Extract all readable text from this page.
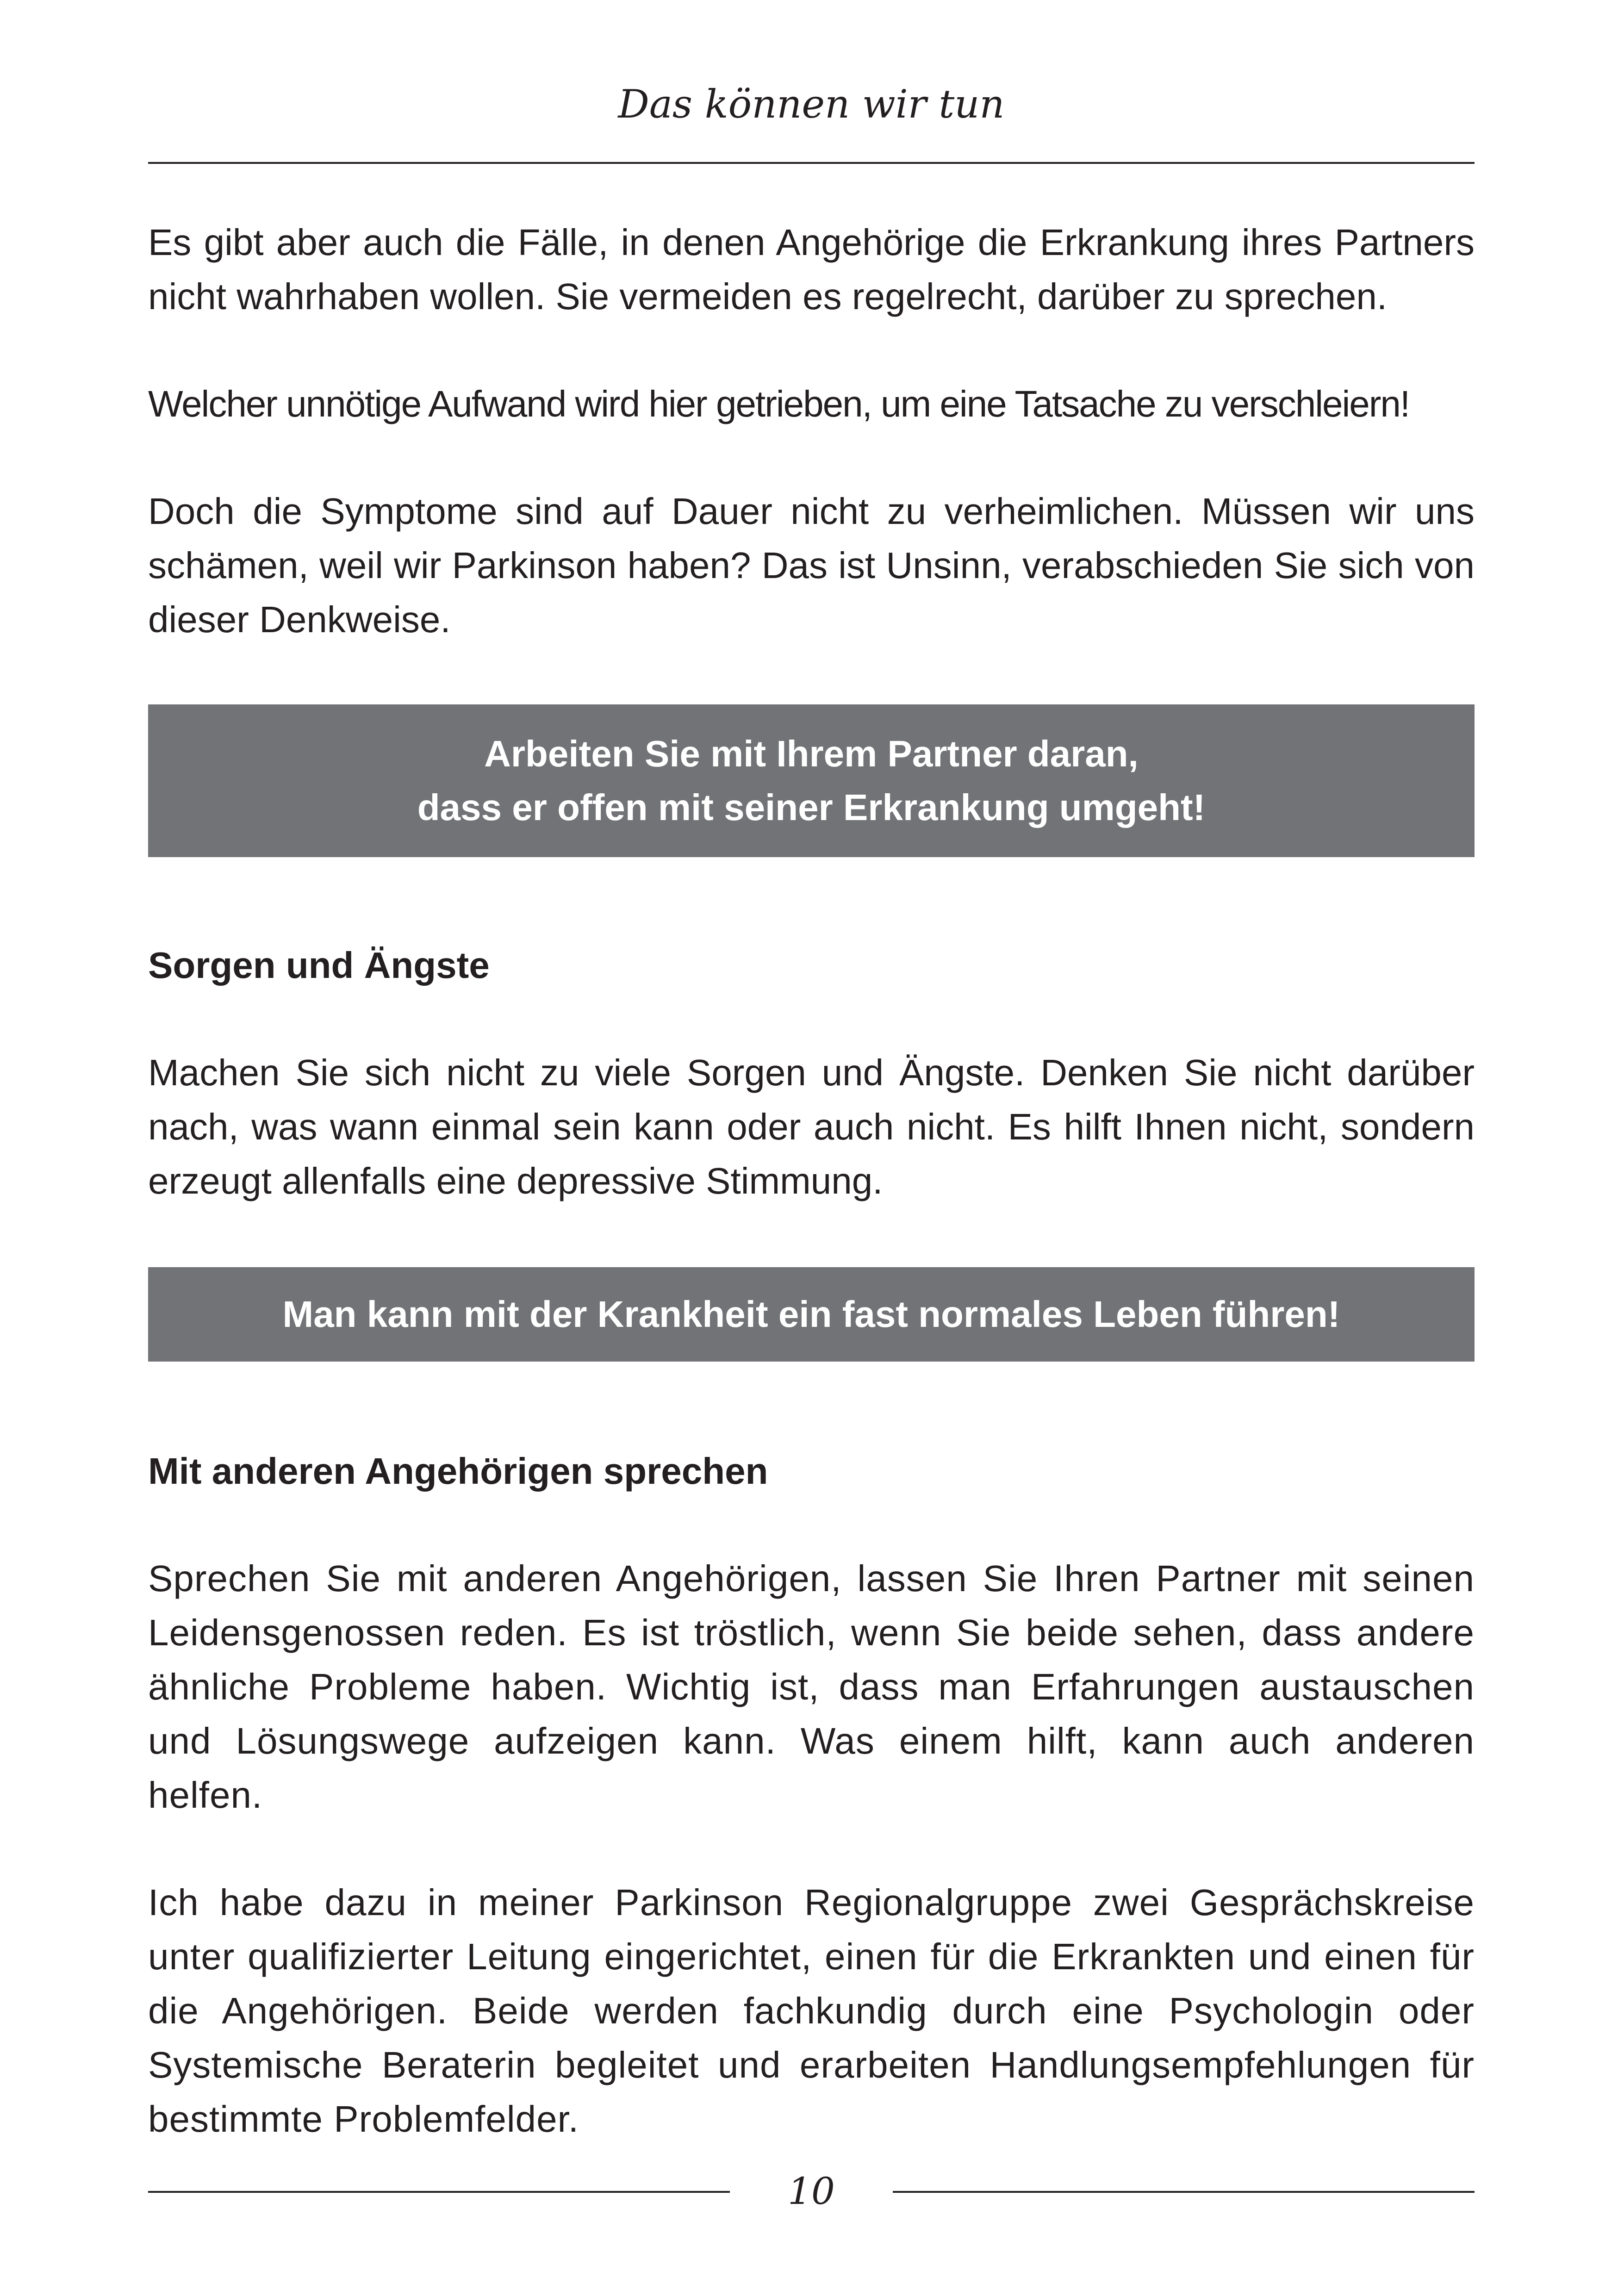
Das können wir tun

Es gibt aber auch die Fälle, in denen Angehörige die Erkrankung ihres Partners nicht wahrhaben wollen. Sie vermeiden es regelrecht, darüber zu sprechen.

Welcher unnötige Aufwand wird hier getrieben, um eine Tatsache zu verschleiern!

Doch die Symptome sind auf Dauer nicht zu verheimlichen. Müssen wir uns schämen, weil wir Parkinson haben? Das ist Unsinn, verabschieden Sie sich von dieser Denkweise.

Arbeiten Sie mit Ihrem Partner daran,
dass er offen mit seiner Erkrankung umgeht!
Sorgen und Ängste

Machen Sie sich nicht zu viele Sorgen und Ängste. Denken Sie nicht darüber nach, was wann einmal sein kann oder auch nicht. Es hilft Ihnen nicht, sondern erzeugt allenfalls eine depressive Stimmung.

Man kann mit der Krankheit ein fast normales Leben führen!
Mit anderen Angehörigen sprechen

Sprechen Sie mit anderen Angehörigen, lassen Sie Ihren Partner mit seinen Leidensgenossen reden. Es ist tröstlich, wenn Sie beide sehen, dass andere ähnliche Probleme haben. Wichtig ist, dass man Erfahrungen austauschen und Lösungswege aufzeigen kann. Was einem hilft, kann auch anderen helfen.

Ich habe dazu in meiner Parkinson Regionalgruppe zwei Gesprächskreise unter qualifizierter Leitung eingerichtet, einen für die Erkrankten und einen für die Angehörigen. Beide werden fachkundig durch eine Psychologin oder Systemische Beraterin begleitet und erarbeiten Handlungsempfehlungen für bestimmte Problemfelder.

10
